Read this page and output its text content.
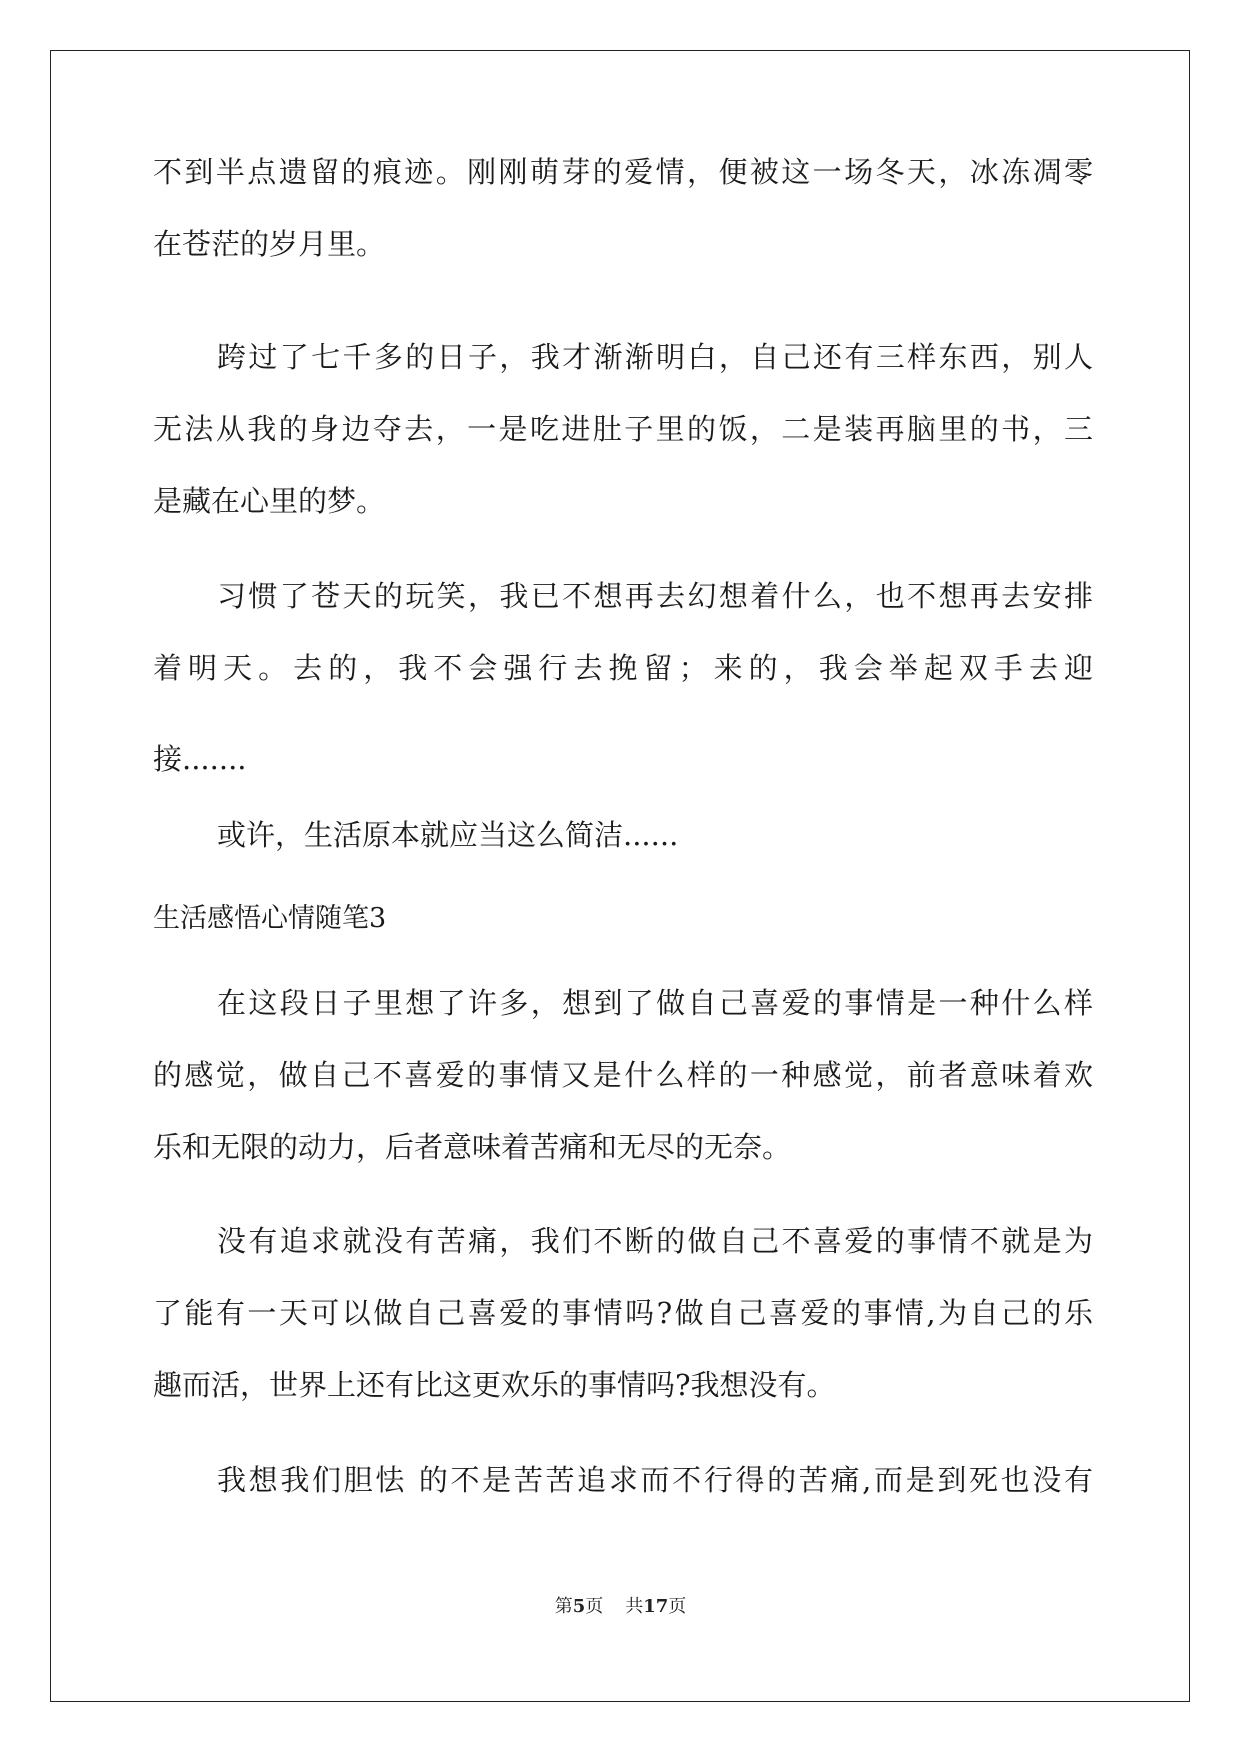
不到半点遗留的痕迹。刚刚萌芽的爱情，便被这一场冬天，冰冻凋零
在苍茫的岁月里。
跨过了七千多的日子，我才渐渐明白，自己还有三样东西，别人
无法从我的身边夺去，一是吃进肚子里的饭，二是装再脑里的书，三
是藏在心里的梦。
习惯了苍天的玩笑，我已不想再去幻想着什么，也不想再去安排
着明天。去的，我不会强行去挽留；来的，我会举起双手去迎
接.......
或许，生活原本就应当这么简洁......
生活感悟心情随笔3
在这段日子里想了许多，想到了做自己喜爱的事情是一种什么样
的感觉，做自己不喜爱的事情又是什么样的一种感觉，前者意味着欢
乐和无限的动力，后者意味着苦痛和无尽的无奈。
没有追求就没有苦痛，我们不断的做自己不喜爱的事情不就是为
了能有一天可以做自己喜爱的事情吗?做自己喜爱的事情,为自己的乐
趣而活，世界上还有比这更欢乐的事情吗?我想没有。
我想我们胆怯 的不是苦苦追求而不行得的苦痛,而是到死也没有
第5页 共17页
